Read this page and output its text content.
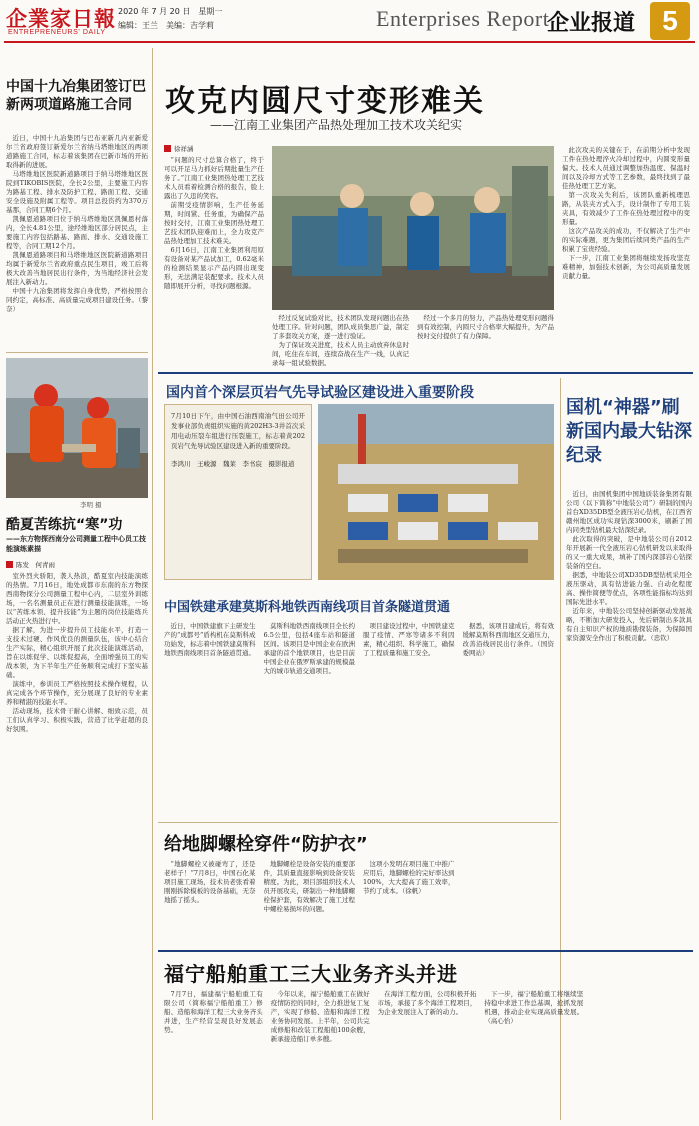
企業家日報
ENTREPRENEURS' DAILY
2020 年 7 月 20 日　星期一
编辑：王兰　美编：吉学莉	Enterprises Report
企业报道 5
中国十九冶集团签订巴新两项道路施工合同

近日，中国十九冶集团与巴布亚新几内亚新爱尔兰省政府签订新爱尔兰省纳马塔维地区的两项道路施工合同，标志着该集团在巴新市场的开拓取得新的进展。

马塔维地区医院新道路项目于纳马塔维地区医院到TIKOBIS医院，全长2公里，主要施工内容为路基工程、排水及防护工程、路面工程、交通安全设施及附属工程等。项目总投资约为370万基那，合同工期6个月。

凯佩恩道路项目位于纳马塔维地区凯佩恩村落内，全长4.81公里，途经维地区部分居民点，主要施工内容包括路基、路面、排水、交通设施工程等，合同工期12个月。

凯佩恩道路项目和马塔维地区医院新道路项目均属于新爱尔兰省政府重点民生项目，竣工后将极大改善当地居民出行条件，为当地经济社会发展注入新动力。

中国十九冶集团将发挥自身优势，严格按照合同约定，高标准、高质量完成项目建设任务。（黎奈）

李明 摄
酷夏苦练抗“寒”功
——东方物探西南分公司测量工程中心员工技能演练素描
陈发　何青雨

室外烈火骄阳，袭人热浪，酷夏室内技能演练的热情。7月16日，地处成都市东南的东方物探西南物探分公司测量工程中心内，二层室外训练场，一名名测量员正在进行测量技能演练，一场以“苦练本领、提升技能”为主题的岗位技能练兵活动正火热进行中。

据了解，为进一步提升员工技能水平，打造一支技术过硬、作风优良的测量队伍，该中心结合生产实际，精心组织开展了此次技能演练活动，旨在以练促学、以练促提高，全面增强员工的实战本领，为下半年生产任务顺利完成打下坚实基础。

演练中，参训员工严格按照技术操作规程，认真完成各个环节操作，充分展现了良好的专业素养和精湛的技能水平。

活动现场，技术骨干耐心讲解、细致示范，员工们认真学习、积极实践，营造了比学赶超的良好氛围。

攻克内圆尺寸变形难关
——江南工业集团产品热处理加工技术攻关纪实
徐祥涵

“问题的尺寸总算合格了，终于可以开足马力抓好后期批量生产任务了。”江南工业集团热处理工艺技术人员看着检测合格的报告，脸上露出了久违的笑容。

前期受疫情影响，生产任务延期，时间紧、任务重，为确保产品按时交付，江南工业集团热处理工艺技术团队迎难而上，全力攻克产品热处理加工技术难关。

6月16日，江南工业集团利用原有设备对某产品试加工，0.62毫米的检测结果显示产品内圆出现变形，无法满足装配要求。技术人员随即展开分析，寻找问题根源。

经过反复试验对比，技术团队发现问题出在热处理工序。针对问题，团队成员集思广益，制定了多套攻关方案，逐一进行验证。

为了保证攻关进度，技术人员主动放弃休息时间，吃住在车间，连续奋战在生产一线，认真记录每一组试验数据。

经过一个多月的努力，产品热处理变形问题得到有效控制，内圆尺寸合格率大幅提升，为产品按时交付提供了有力保障。

此次攻关的关键在于，在前期分析中发现工件在热处理淬火冷却过程中，内圆变形量偏大。技术人员通过调整加热温度、保温时间以及冷却方式等工艺参数，最终找到了最佳热处理工艺方案。

第一次攻关失利后，该团队重新梳理思路，从装夹方式入手，设计制作了专用工装夹具，有效减少了工件在热处理过程中的变形量。

这次产品攻关的成功，不仅解决了生产中的实际难题，更为集团后续同类产品的生产积累了宝贵经验。

下一步，江南工业集团将继续发扬攻坚克难精神，加强技术创新，为公司高质量发展贡献力量。

国内首个深层页岩气先导试验区建设进入重要阶段

7月10日下午，由中国石油西南油气田公司开发事业部负责组织实施的黄202H3-3井首次采用电动压裂车组进行压裂施工，标志着黄202页岩气先导试验区建设进入新的重要阶段。

李鸿川　王峻源　魏莱　李书宸　摄影报道

国机“神器”刷新国内最大钻深纪录

近日，由国机集团中国地质装备集团有限公司（以下简称“中地装公司”）研制的国内首台XD35DB型全液压岩心钻机，在江西省赣州地区成功实现钻深3000米，刷新了国内同类型钻机最大钻深纪录。

此次取得的突破，是中地装公司自2012年开展新一代全液压岩心钻机研发以来取得的又一重大成果，填补了国内深部岩心钻探装备的空白。

据悉，中地装公司XD35DB型钻机采用全液压驱动，具有钻进能力强、自动化程度高、操作简便等优点，各项性能指标均达到国际先进水平。

近年来，中地装公司坚持创新驱动发展战略，不断加大研发投入，先后研制出多款具有自主知识产权的地质勘探装备，为保障国家资源安全作出了积极贡献。（忠钦）

中国铁建承建莫斯科地铁西南线项目首条隧道贯通

近日，中国铁建旗下主研发生产的“成都号”盾构机在莫斯科成功始发，标志着中国铁建莫斯科地铁西南线项目首条隧道贯通。

莫斯科地铁西南线项目全长约6.5公里，包括4座车站和隧道区间。该项目是中国企业在欧洲承建的首个地铁项目，也是目前中国企业在俄罗斯承建的规模最大的城市轨道交通项目。

项目建设过程中，中国铁建克服了疫情、严寒等诸多不利因素，精心组织、科学施工，确保了工程质量和施工安全。

据悉，该项目建成后，将有效缓解莫斯科西南地区交通压力，改善沿线居民出行条件。（国资委网站）

给地脚螺栓穿件“防护衣”

“地脚螺栓又被碰弯了，还是老样子！”7月8日，中国石化某项目施工现场，技术员老张看着刚刚拆除模板的设备基础，无奈地摇了摇头。

地脚螺栓是设备安装的重要部件，其质量直接影响到设备安装精度。为此，项目部组织技术人员开展攻关，研制出一种地脚螺栓保护套，有效解决了施工过程中螺栓易损坏的问题。

这项小发明在项目施工中推广应用后，地脚螺栓的完好率达到100%，大大提高了施工效率，节约了成本。（徐帆）

福宁船舶重工三大业务齐头并进

7月7日，福建福宁船舶重工有限公司（简称福宁船舶重工）修船、造船和海洋工程三大业务齐头并进，生产经营呈现良好发展态势。

今年以来，福宁船舶重工在做好疫情防控的同时，全力推进复工复产，实现了修船、造船和海洋工程业务协同发展。上半年，公司共完成修船和改装工程船舶100余艘，新承接造船订单多艘。

在海洋工程方面，公司积极开拓市场，承接了多个海洋工程项目，为企业发展注入了新的动力。

下一步，福宁船舶重工将继续坚持稳中求进工作总基调，抢抓发展机遇，推动企业实现高质量发展。（高心怡）
